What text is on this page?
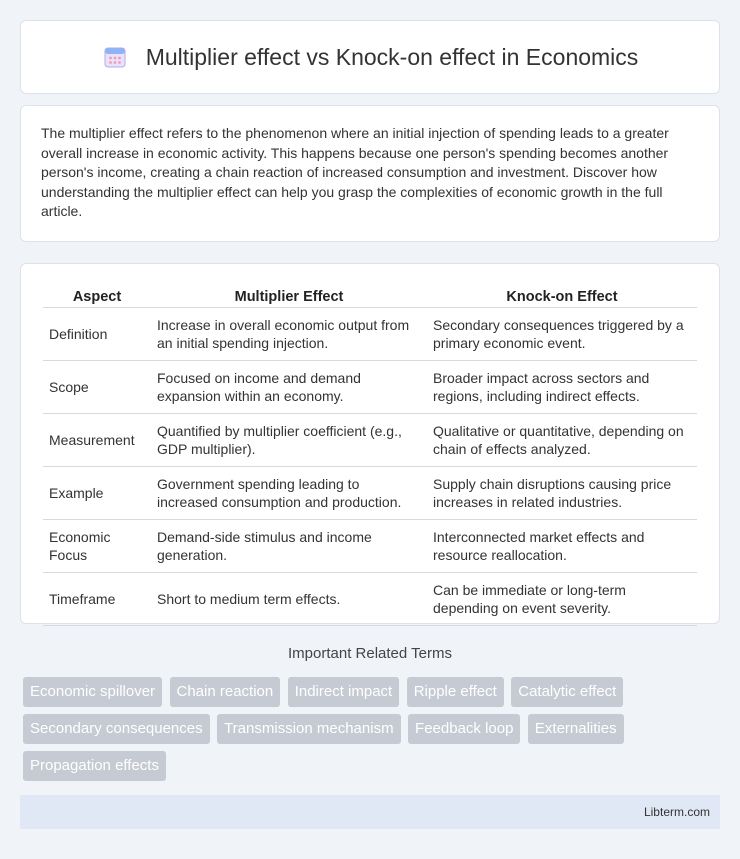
Multiplier effect vs Knock-on effect in Economics

The multiplier effect refers to the phenomenon where an initial injection of spending leads to a greater overall increase in economic activity. This happens because one person's spending becomes another person's income, creating a chain reaction of increased consumption and investment. Discover how understanding the multiplier effect can help you grasp the complexities of economic growth in the full article.

Aspect	Multiplier Effect	Knock-on Effect
Definition	Increase in overall economic output from an initial spending injection.	Secondary consequences triggered by a primary economic event.
Scope	Focused on income and demand expansion within an economy.	Broader impact across sectors and regions, including indirect effects.
Measurement	Quantified by multiplier coefficient (e.g., GDP multiplier).	Qualitative or quantitative, depending on chain of effects analyzed.
Example	Government spending leading to increased consumption and production.	Supply chain disruptions causing price increases in related industries.
Economic Focus	Demand-side stimulus and income generation.	Interconnected market effects and resource reallocation.
Timeframe	Short to medium term effects.	Can be immediate or long-term depending on event severity.
Important Related Terms
Economic spillover Chain reaction Indirect impact Ripple effect Catalytic effect Secondary consequences Transmission mechanism Feedback loop Externalities Propagation effects
Libterm.com
